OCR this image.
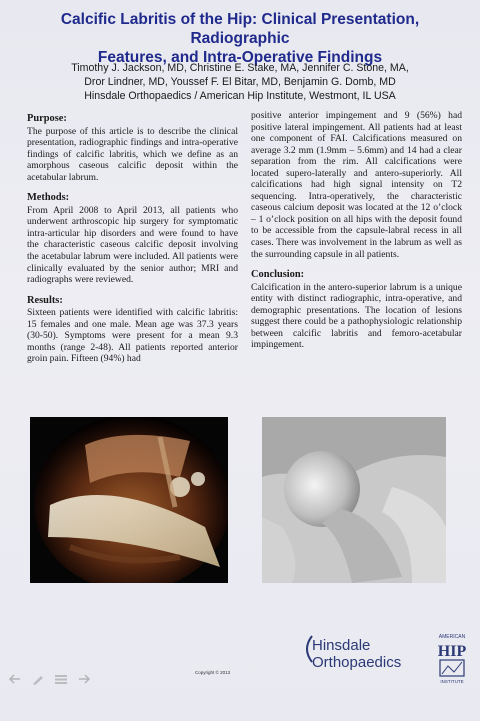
Calcific Labritis of the Hip: Clinical Presentation, Radiographic
Features, and Intra-Operative Findings
Timothy J. Jackson, MD, Christine E. Stake, MA, Jennifer C. Stone, MA,
Dror Lindner, MD, Youssef F. El Bitar, MD, Benjamin G. Domb, MD
Hinsdale Orthopaedics / American Hip Institute, Westmont, IL USA
Purpose:

The purpose of this article is to describe the clinical presentation, radiographic findings and intra-operative findings of calcific labritis, which we define as an amorphous caseous calcific deposit within the acetabular labrum.

Methods:

From April 2008 to April 2013, all patients who underwent arthroscopic hip surgery for symptomatic intra-articular hip disorders and were found to have the characteristic caseous calcific deposit involving the acetabular labrum were included. All patients were clinically evaluated by the senior author; MRI and radiographs were reviewed.

Results:

Sixteen patients were identified with calcific labritis: 15 females and one male. Mean age was 37.3 years (30-50). Symptoms were present for a mean 9.3 months (range 2-48). All patients reported anterior groin pain. Fifteen (94%) had

positive anterior impingement and 9 (56%) had positive lateral impingement. All patients had at least one component of FAI. Calcifications measured on average 3.2 mm (1.9mm – 5.6mm) and 14 had a clear separation from the rim. All calcifications were located supero-laterally and antero-superiorly. All calcifications had high signal intensity on T2 sequencing. Intra-operatively, the characteristic caseous calcium deposit was located at the 12 o’clock – 1 o’clock position on all hips with the deposit found to be accessible from the capsule-labral recess in all cases. There was involvement in the labrum as well as the surrounding capsule in all patients.

Conclusion:

Calcification in the antero-superior labrum is a unique entity with distinct radiographic, intra-operative, and demographic presentations. The location of lesions suggest there could be a pathophysiologic relationship between calcific labritis and femoro-acetabular impingement.

Hinsdale
Orthopaedics
AMERICAN
HIP
INSTITUTE
Copyright © 2013
